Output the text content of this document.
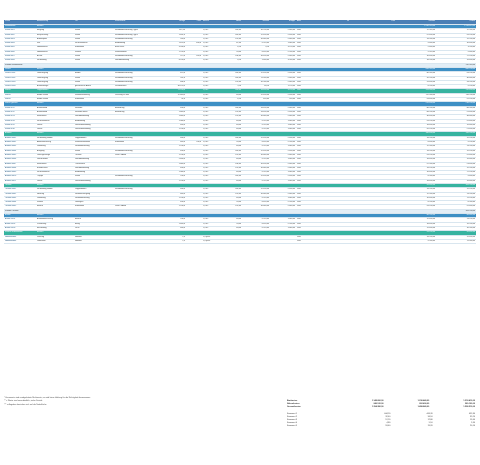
Konto	Bezeichnung	Ort	Kostenstelle	Menge	Preis	Einheit	Anteil	Summe	Budget	Abw.	Ist	Plan	Gesamt	Faktor
Raumklasse	Bereich												1.240.320,00	1.318.410,00
Konto 0001	Eingang	Raum	Standardausstattung Typ A	415,20		1,0 m²	164,00	10.250,00	2.440,00	Plan			12.240,00	12.300,00
Konto 0002	Besprechung	Raum	Standardausstattung Typ B	1.842,0		1,0 m²	164,00	12.450,00	2.890,00	Plan			22.400,00	24.100,00
Konto 0003	Arbeitsplatz	Raum	Standardausstattung	284,0		1,0 m²	124,00	10.440,00	2.640,00	Plan			14.300,00	15.200,00
Konto 0004	Flur	Verkehrsfläche	Bodenbelag	1.420,0	440,0	1,0 m²	41,00	9.210,00	1.840,00	Plan			9.800,00	10.400,00
Konto 0005	Nebenfläche	Installation	Basis Kern	3.340,0		1,0 m²	6,20	4,20	3.120,00	Plan			2.800,00	3.200,00
Konto 0006	Nebenfläche	Sanitär	Sanitäreinbau	1.760,0		1,0 m²	54,00	4.420,00	2.330,00	Plan			5.320,00	5.800,00
Konto 0007	Archiv	Raum	Standardausstattung	215,0	160,0	1,0 m²	104,00	10.450,00	2.440,00	Plan			16.400,00	17.100,00
Konto 0008	Verbindung	Raum	Wandbekleidung	8.244,0		1,0 m²	8,20	1.830,00	3.260,00	Plan			18.200,00	19.400,00
Summe Raumklasse														132.240,00
Zusatz	Bereich												448.240,00	480.100,00
Zusatz 0001	Lieferzugang	Boden	Standardausstattung	425,0		1,0 m²	164,00	12.450,00	2.890,00	Plan			40.330,00	43.100,00
Zusatz 0002	Lieferzugang	Raum	Standardausstattung	282,0		1,0 m²	164,00	11.050,00	2.440,00	Plan			35.200,00	36.800,00
Zusatz 0003	Lieferzugang	Raum	Standardausstattung	486,0		1,0 m²	124,00	10.280,00	2.640,00	Plan			31.400,00	33.200,00
Zusatz 0004	Außenanlage	gärtnerische Arbeit	Pflanzbereich	38.126,0		1,0 m²	3,20	84,20	1.120,00	Plan			8.200,00	9.100,00
Fläche	Doppelboden	Leitungsraum		11.760,0		1,0 m²	164,00	14.450,00	3.120,00	Plan			124.000,00	132.400,00
Fläche	Boden Raum	Raumausstattung	Zuschlag 60 Std.	12.484,0		1,0 m²	84,00	12.450,00	2.890,00	Plan			112.000,00	118.200,00
Fläche	Boden Raum	Installation		42,0		1,0 m²	6,20	420,00	320,00	Plan			24.400,00	25.100,00
Fläche gesamt	Bereich												220.400,00	238.100,00
Konto 0011	Außenwand	Fassade	Bekleidung	440,0		1,0 m²	164,00	14.450,00	2.440,00	Plan			46.200,00	48.300,00
Konto 0012	Außenwand	Fassade Basis	Bekleidung	1.864,0		1,0 m²	124,00	14.450,00	2.890,00	Plan			48.200,00	51.400,00
Konto 0013	Innenwand	Wandbekleidung		1.860,0		1,0 m²	124,00	10.440,00	2.640,00	Plan			36.400,00	38.800,00
Konto 0014	Verkehrsfläche	Bodenbelag		1.080,0		1,0 m²	84,00	9.210,00	1.840,00	Plan			24.100,00	25.600,00
Konto 0015	Decke	Deckenbekleidung		890,0		1,0 m²	84,00	9.210,00	1.840,00	Plan			18.400,00	19.800,00
Konto 0016	Decke	Deckenbekleidung		1.240,0		1,0 m²	84,00	9.210,00	1.840,00	Plan			20.100,00	21.400,00
Ausbau	Bereich												186.400,00	196.200,00
Ausbau 0001	Verbindung Boden	Doppelboden	Standardausstattung	840,0		1,0 m²	164,00	12.450,00	2.890,00	Plan			14.200,00	15.100,00
Ausbau 0002	Abwasserleitung	Sanitärinstallation	Installation	460,0	240,0	1,0 m²	54,00	4.420,00	2.330,00	Plan			8.400,00	9.100,00
Ausbau 0003	Dämmung	Wärmedämmung		1.240,0		1,0 m²	84,00	9.210,00	1.840,00	Plan			12.300,00	13.200,00
Ausbau 0004	Ausgang	Raum	Standardausstattung	440,0		1,0 m²	164,00	12.450,00	2.890,00	Plan			14.200,00	15.100,00
Ausbau 0005	Lüftungsanlage	Technik	Zuluft / Abluft	1.240,0		1,0 m²	124,00	10.440,00	2.640,00	Plan			24.100,00	25.600,00
Ausbau 0006	Wand Boden	Wandbekleidung		2.480,0		1,0 m²	84,00	9.210,00	1.840,00	Plan			18.400,00	19.800,00
Ausbau 0007	Innenwand	Trockenbau		1.860,0		1,0 m²	104,00	10.450,00	2.440,00	Plan			22.300,00	23.400,00
Ausbau 0008	Brandschutz	Wandbekleidung		640,0		1,0 m²	124,00	10.440,00	2.640,00	Plan			14.100,00	15.200,00
Ausbau 0009	Verkehrsfläche	Bodenbelag		1.080,0		1,0 m²	84,00	9.210,00	1.840,00	Plan			16.400,00	17.100,00
Ausbau 0010	Treppe	Raum	Standardausstattung	240,0		1,0 m²	164,00	12.450,00	2.890,00	Plan			8.900,00	9.600,00
Ausbau 0011	Decke	Deckenbekleidung		1.240,0		1,0 m²	84,00	9.210,00	1.840,00	Plan			18.400,00	19.800,00
Technik	Bereich												98.400,00	104.200,00
Technik 0001	Verbindung Boden	Doppelboden	Standardausstattung	840,0		1,0 m²	164,00	12.450,00	2.890,00	Plan			14.200,00	15.100,00
Technik 0002	Heizung	Wärmeerzeugung		460,0		1,0 m²	124,00	10.440,00	2.640,00	Plan			12.300,00	13.200,00
Technik 0003	Dämmung	Wärmedämmung		1.240,0		1,0 m²	84,00	9.210,00	1.840,00	Plan			10.400,00	11.100,00
Technik 0004	Sanitär	Leitungen		440,0		1,0 m²	54,00	4.420,00	2.330,00	Plan			8.200,00	8.900,00
Technik 0005	Elektro	Installation	Zuluft / Abluft	1.240,0		1,0 m²	124,00	10.440,00	2.640,00	Plan			24.100,00	25.600,00
Summe Technik														104.200,00
Außen	Bereich												46.200,00	48.800,00
Außen 0001	Außenbeleuchtung	Elektro		240,0		1,0 m²	84,00	9.210,00	1.840,00	Plan			12.400,00	13.100,00
Außen 0002	Parkierung	Belag		1.460,0		1,0 m²	54,00	4.420,00	2.330,00	Plan			18.400,00	19.200,00
Außen 0003	Einfriedung	Zaun		480,0		1,0 m²	84,00	9.210,00	1.840,00	Plan			15.400,00	16.500,00
Kosten Nebenkosten	Bereich												24.100,00	26.400,00
Nebenkosten	Planung	Honorar		1,0		1,0 psch				Plan			14.200,00	15.400,00
Nebenkosten	Gutachten	Honorar		1,0		1,0 psch				Plan			9.900,00	11.000,00
* Kennwerte sind unabgeleitete Richtwerte, es wird keine Haftung für die Richtigkeit übernommen
** = Werte sind unverbindlich, siehe Details
*** = Angaben beziehen sich auf die Nettofläche
Baukosten	1.148.260,00	1.236.440,00	1.318.410,00
Nebenkosten	246.120,00	262.400,00	280.100,00
Gesamtkosten	1.394.380,00	1.498.840,00	1.598.510,00
Kennwert 1	444,20	444,20	451,80
Kennwert 2	32,40	34,10	35,20
Kennwert 3	12,20	12,80	13,40
Kennwert 4	4,80	5,10	5,30
Kennwert 5	18,40	19,20	20,10
